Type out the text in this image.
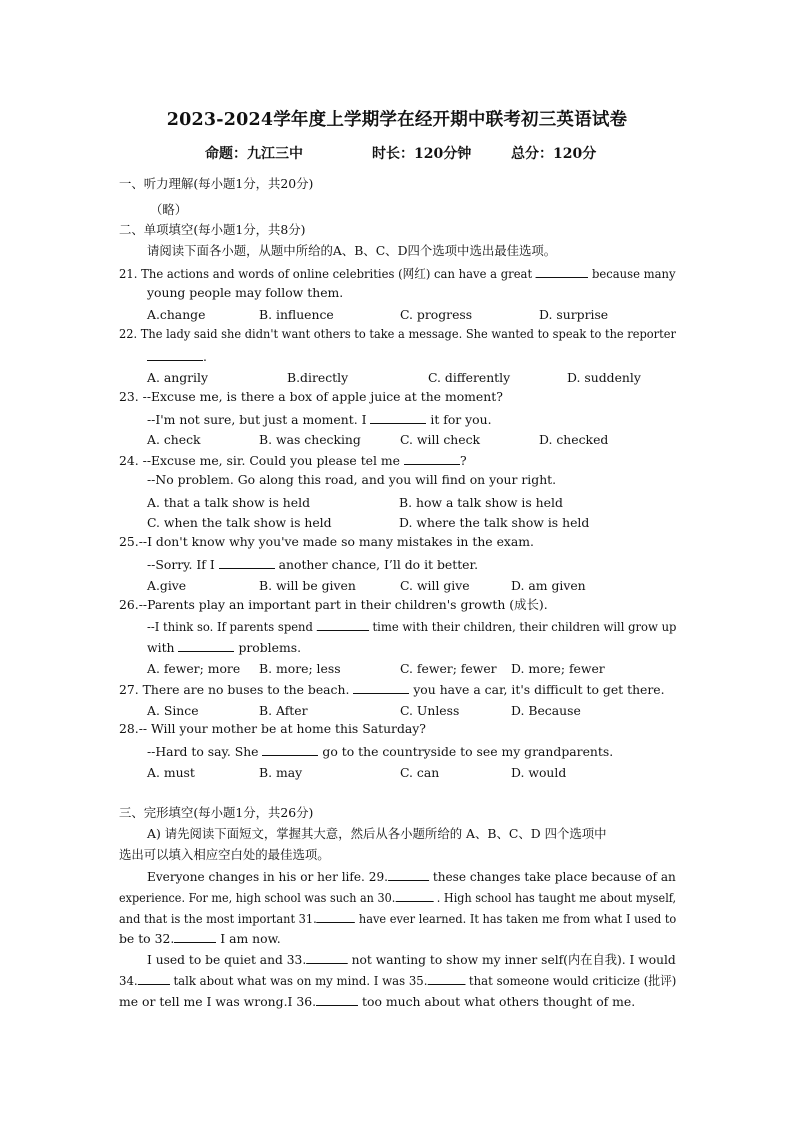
2023-2024学年度上学期学在经开期中联考初三英语试卷
命题：九江三中	时长：120分钟	总分：120分
一、听力理解(每小题1分，共20分)
（略）
二、单项填空(每小题1分，共8分)
请阅读下面各小题，从题中所给的A、B、C、D四个选项中选出最佳选项。
21. The actions and words of online celebrities (网红) can have a great	because many
young people may follow them.
A.change	B. influence	C. progress	D. surprise
22. The lady said she didn't want others to take a message. She wanted to speak to the reporter
.
A. angrily	B.directly	C. differently	D. suddenly
23. --Excuse me, is there a box of apple juice at the moment?
--I'm not sure, but just a moment. I	it for you.
A. check	B. was checking	C. will check	D. checked
24. --Excuse me, sir. Could you please tel me	?
--No problem. Go along this road, and you will find on your right.
A. that a talk show is held	B. how a talk show is held
C. when the talk show is held	D. where the talk show is held
25.--I don't know why you've made so many mistakes in the exam.
--Sorry. If I	another chance, I’ll do it better.
A.give	B. will be given	C. will give	D. am given
26.--Parents play an important part in their children's growth (成长).
--I think so. If parents spend	time with their children, their children will grow up
with	problems.
A. fewer; more B. more; less	C. fewer; fewer D. more; fewer
27. There are no buses to the beach.	you have a car, it's difficult to get there.
A. Since	B. After	C. Unless	D. Because
28.-- Will your mother be at home this Saturday?
--Hard to say. She	go to the countryside to see my grandparents.
A. must	B. may	C. can	D. would
三、完形填空(每小题1分，共26分)
A) 请先阅读下面短文，掌握其大意，然后从各小题所给的 A、B、C、D 四个选项中
选出可以填入相应空白处的最佳选项。
Everyone changes in his or her life. 29.	these changes take place because of an
experience. For me, high school was such an 30.	. High school has taught me about myself,
and that is the most important 31.	have ever learned. It has taken me from what I used to
be to 32.	I am now.
I used to be quiet and 33.	not wanting to show my inner self(内在自我). I would
34.	talk about what was on my mind. I was 35.	that someone would criticize (批评)
me or tell me I was wrong.I 36.	too much about what others thought of me.
